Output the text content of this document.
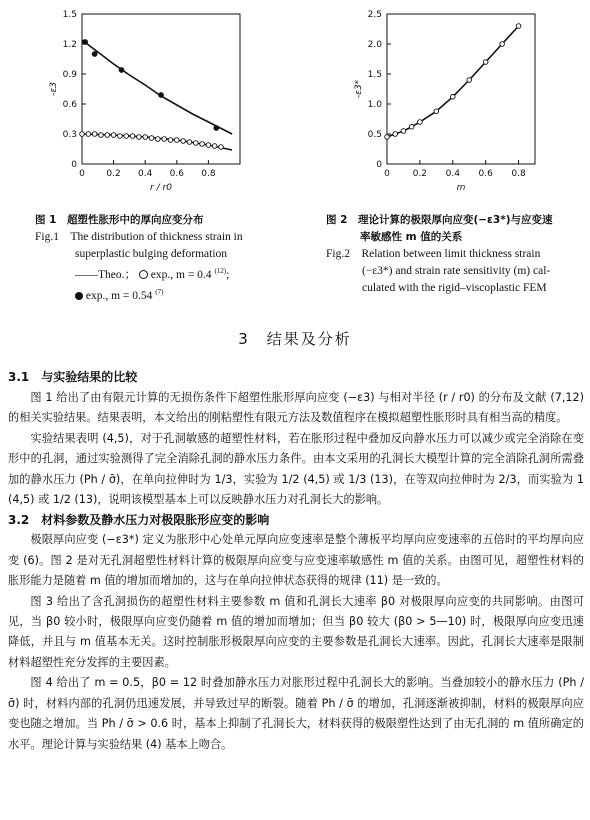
0 0.2 0.4 0.6 0.8
0
0.3
0.6
0.9
1.2
1.5
r / r0
-ε3
0	0.2 0.4 0.6 0.8
0
0.5
1.0
1.5
2.0
2.5
m
-ε3*
图 1　超塑性胀形中的厚向应变分布
Fig.1　The distribution of thickness strain in
superplastic bulging deformation
——Theo.； exp., m = 0.4 $^{(12)}$;
exp., m = 0.54 $^{(7)}$
图 2　理论计算的极限厚向应变(−ε3*)与应变速
率敏感性 m 值的关系
Fig.2　Relation between limit thickness strain
(−ε3*) and strain rate sensitivity (m) cal-
culated with the rigid–viscoplastic FEM
3　结果及分析
3.1　与实验结果的比较

图 1 给出了由有限元计算的无损伤条件下超塑性胀形厚向应变 (−ε3) 与相对半径 (r / r0) 的分布及文献 (7,12) 的相关实验结果。结果表明，本文给出的刚粘塑性有限元方法及数值程序在模拟超塑性胀形时具有相当高的精度。

实验结果表明 (4,5)，对于孔洞敏感的超塑性材料，若在胀形过程中叠加反向静水压力可以减少或完全消除在变形中的孔洞，通过实验测得了完全消除孔洞的静水压力条件。由本文采用的孔洞长大模型计算的完全消除孔洞所需叠加的静水压力 (Ph / σ̄)，在单向拉伸时为 1/3，实验为 1/2 (4,5) 或 1/3 (13)，在等双向拉伸时为 2/3，而实验为 1 (4,5) 或 1/2 (13)，说明该模型基本上可以反映静水压力对孔洞长大的影响。

3.2　材料参数及静水压力对极限胀形应变的影响

极限厚向应变 (−ε3*) 定义为胀形中心处单元厚向应变速率是整个薄板平均厚向应变速率的五倍时的平均厚向应变 (6)。图 2 是对无孔洞超塑性材料计算的极限厚向应变与应变速率敏感性 m 值的关系。由图可见，超塑性材料的胀形能力是随着 m 值的增加而增加的，这与在单向拉伸状态获得的规律 (11) 是一致的。

图 3 给出了含孔洞损伤的超塑性材料主要参数 m 值和孔洞长大速率 β0 对极限厚向应变的共同影响。由图可见，当 β0 较小时，极限厚向应变仍随着 m 值的增加而增加；但当 β0 较大 (β0 > 5—10) 时，极限厚向应变迅速降低，并且与 m 值基本无关。这时控制胀形极限厚向应变的主要参数是孔洞长大速率。因此，孔洞长大速率是限制材料超塑性充分发挥的主要因素。

图 4 给出了 m = 0.5，β0 = 12 时叠加静水压力对胀形过程中孔洞长大的影响。当叠加较小的静水压力 (Ph / σ̄) 时，材料内部的孔洞仍迅速发展，并导致过早的断裂。随着 Ph / σ̄ 的增加，孔洞逐渐被抑制，材料的极限厚向应变也随之增加。当 Ph / σ̄ > 0.6 时，基本上抑制了孔洞长大，材料获得的极限塑性达到了由无孔洞的 m 值所确定的水平。理论计算与实验结果 (4) 基本上吻合。
